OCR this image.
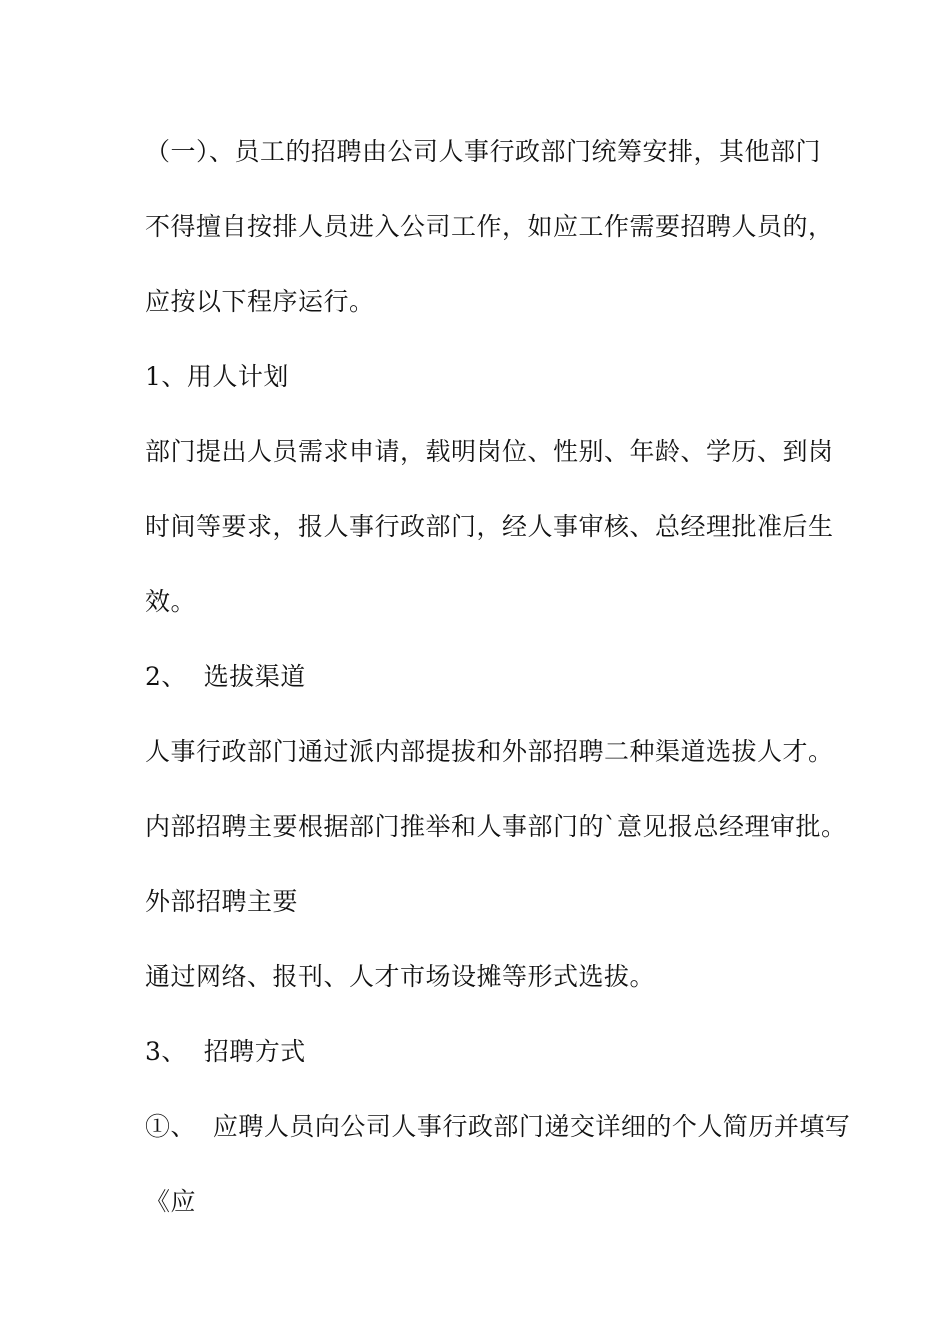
（一）、员工的招聘由公司人事行政部门统筹安排，其他部门
不得擅自按排人员进入公司工作，如应工作需要招聘人员的，
应按以下程序运行。
1、用人计划
部门提出人员需求申请，载明岗位、性别、年龄、学历、到岗
时间等要求，报人事行政部门，经人事审核、总经理批准后生
效。
2、  选拔渠道
人事行政部门通过派内部提拔和外部招聘二种渠道选拔人才。
内部招聘主要根据部门推举和人事部门的`意见报总经理审批。
外部招聘主要
通过网络、报刊、人才市场设摊等形式选拔。
3、  招聘方式
①、  应聘人员向公司人事行政部门递交详细的个人简历并填写
《应
